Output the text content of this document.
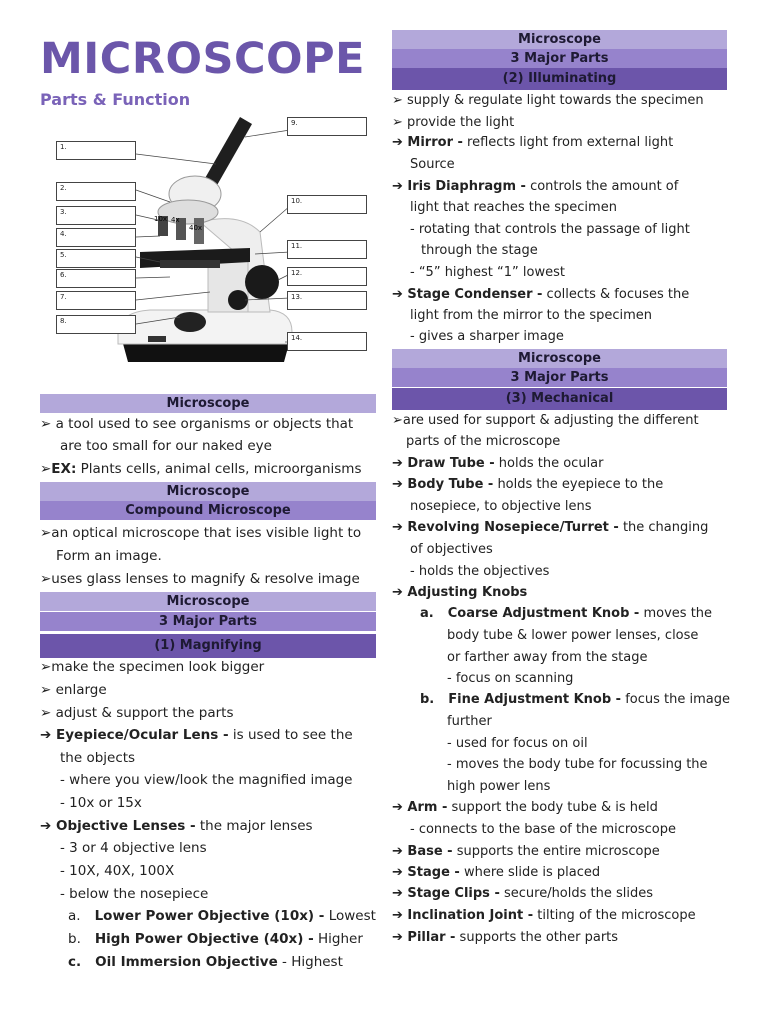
MICROSCOPE
Parts & Function
10x 4x
40x
1.
2.
3.
4.
5.
6.
7.
8.
9.
10.
11.
12.
13.
14.
Microscope
➢ a tool used to see organisms or objects that
are too small for our naked eye
➢EX: Plants cells, animal cells, microorganisms
Microscope
Compound Microscope
➢an optical microscope that ises visible light to
Form an image.
➢uses glass lenses to magnify & resolve image
Microscope
3 Major Parts
(1) Magnifying
➢make the specimen look bigger
➢ enlarge
➢ adjust & support the parts
➔ Eyepiece/Ocular Lens - is used to see the
the objects
- where you view/look the magnified image
- 10x or 15x
➔ Objective Lenses - the major lenses
- 3 or 4 objective lens
- 10X, 40X, 100X
- below the nosepiece
a. Lower Power Objective (10x) - Lowest
b. High Power Objective (40x) - Higher
c. Oil Immersion Objective - Highest
Microscope
3 Major Parts
(2) Illuminating
➢ supply & regulate light towards the specimen
➢ provide the light
➔ Mirror - reflects light from external light
Source
➔ Iris Diaphragm - controls the amount of
light that reaches the specimen
- rotating that controls the passage of light
through the stage
- “5” highest “1” lowest
➔ Stage Condenser - collects & focuses the
light from the mirror to the specimen
- gives a sharper image
Microscope
3 Major Parts
(3) Mechanical
➢are used for support & adjusting the different
parts of the microscope
➔ Draw Tube - holds the ocular
➔ Body Tube - holds the eyepiece to the
nosepiece, to objective lens
➔ Revolving Nosepiece/Turret - the changing
of objectives
- holds the objectives
➔ Adjusting Knobs
a. Coarse Adjustment Knob - moves the
body tube & lower power lenses, close
or farther away from the stage
- focus on scanning
b. Fine Adjustment Knob - focus the image
further
- used for focus on oil
- moves the body tube for focussing the
high power lens
➔ Arm - support the body tube & is held
- connects to the base of the microscope
➔ Base - supports the entire microscope
➔ Stage - where slide is placed
➔ Stage Clips - secure/holds the slides
➔ Inclination Joint - tilting of the microscope
➔ Pillar - supports the other parts
